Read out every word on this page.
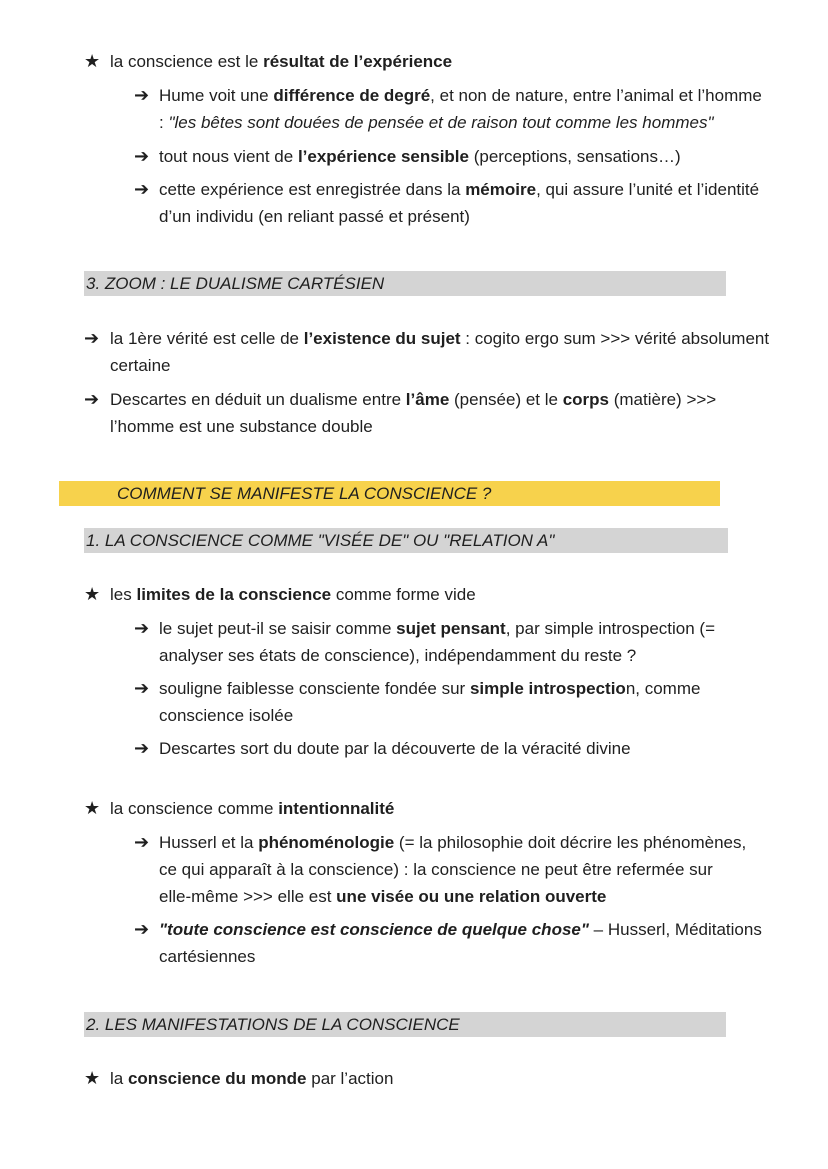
★ la conscience est le résultat de l’expérience
➔ Hume voit une différence de degré, et non de nature, entre l’animal et l’homme
: "les bêtes sont douées de pensée et de raison tout comme les hommes"
➔ tout nous vient de l’expérience sensible (perceptions, sensations…)
➔ cette expérience est enregistrée dans la mémoire, qui assure l’unité et l’identité
d’un individu (en reliant passé et présent)
3. ZOOM : LE DUALISME CARTÉSIEN
➔ la 1ère vérité est celle de l’existence du sujet : cogito ergo sum >>> vérité absolument
certaine
➔ Descartes en déduit un dualisme entre l’âme (pensée) et le corps (matière) >>>
l’homme est une substance double
COMMENT SE MANIFESTE LA CONSCIENCE ?
1. LA CONSCIENCE COMME "VISÉE DE" OU "RELATION A"
★ les limites de la conscience comme forme vide
➔ le sujet peut-il se saisir comme sujet pensant, par simple introspection (=
analyser ses états de conscience), indépendamment du reste ?
➔ souligne faiblesse consciente fondée sur simple introspection, comme
conscience isolée
➔ Descartes sort du doute par la découverte de la véracité divine
★ la conscience comme intentionnalité
➔ Husserl et la phénoménologie (= la philosophie doit décrire les phénomènes,
ce qui apparaît à la conscience) : la conscience ne peut être refermée sur
elle-même >>> elle est une visée ou une relation ouverte
➔ "toute conscience est conscience de quelque chose" – Husserl, Méditations
cartésiennes
2. LES MANIFESTATIONS DE LA CONSCIENCE
★ la conscience du monde par l’action
